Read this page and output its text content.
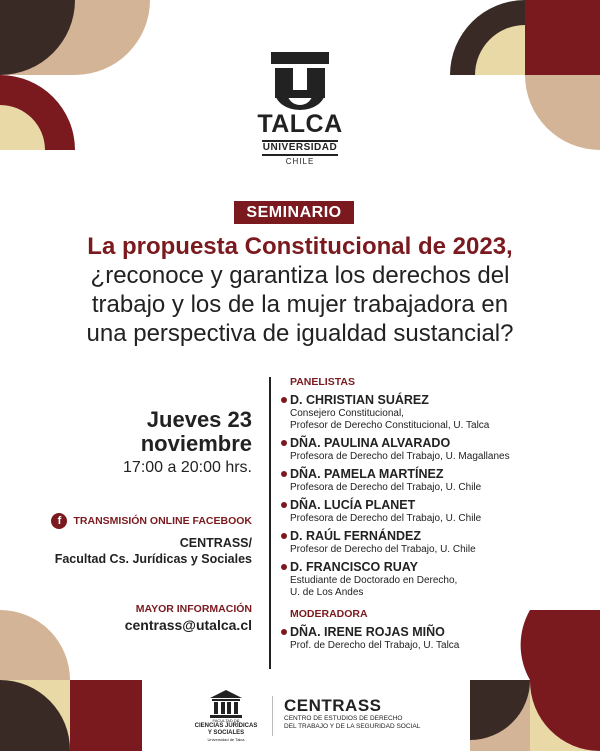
TALCA
UNIVERSIDAD
CHILE
SEMINARIO
La propuesta Constitucional de 2023,
¿reconoce y garantiza los derechos del
trabajo y los de la mujer trabajadora en
una perspectiva de igualdad sustancial?
Jueves 23
noviembre
17:00 a 20:00 hrs.
f	TRANSMISIÓN ONLINE FACEBOOK
CENTRASS/
Facultad Cs. Jurídicas y Sociales
MAYOR INFORMACIÓN
centrass@utalca.cl
PANELISTAS
D. CHRISTIAN SUÁREZ
Consejero Constitucional,
Profesor de Derecho Constitucional, U. Talca
DÑA. PAULINA ALVARADO
Profesora de Derecho del Trabajo, U. Magallanes
DÑA. PAMELA MARTÍNEZ
Profesora de Derecho del Trabajo, U. Chile
DÑA. LUCÍA PLANET
Profesora de Derecho del Trabajo, U. Chile
D. RAÚL FERNÁNDEZ
Profesor de Derecho del Trabajo, U. Chile
D. FRANCISCO RUAY
Estudiante de Doctorado en Derecho,
U. de Los Andes
MODERADORA
DÑA. IRENE ROJAS MIÑO
Prof. de Derecho del Trabajo, U. Talca
FACULTAD DE
CIENCIAS JURÍDICAS
Y SOCIALES
Universidad de Talca
CENTRASS
CENTRO DE ESTUDIOS DE DERECHO
DEL TRABAJO Y DE LA SEGURIDAD SOCIAL
